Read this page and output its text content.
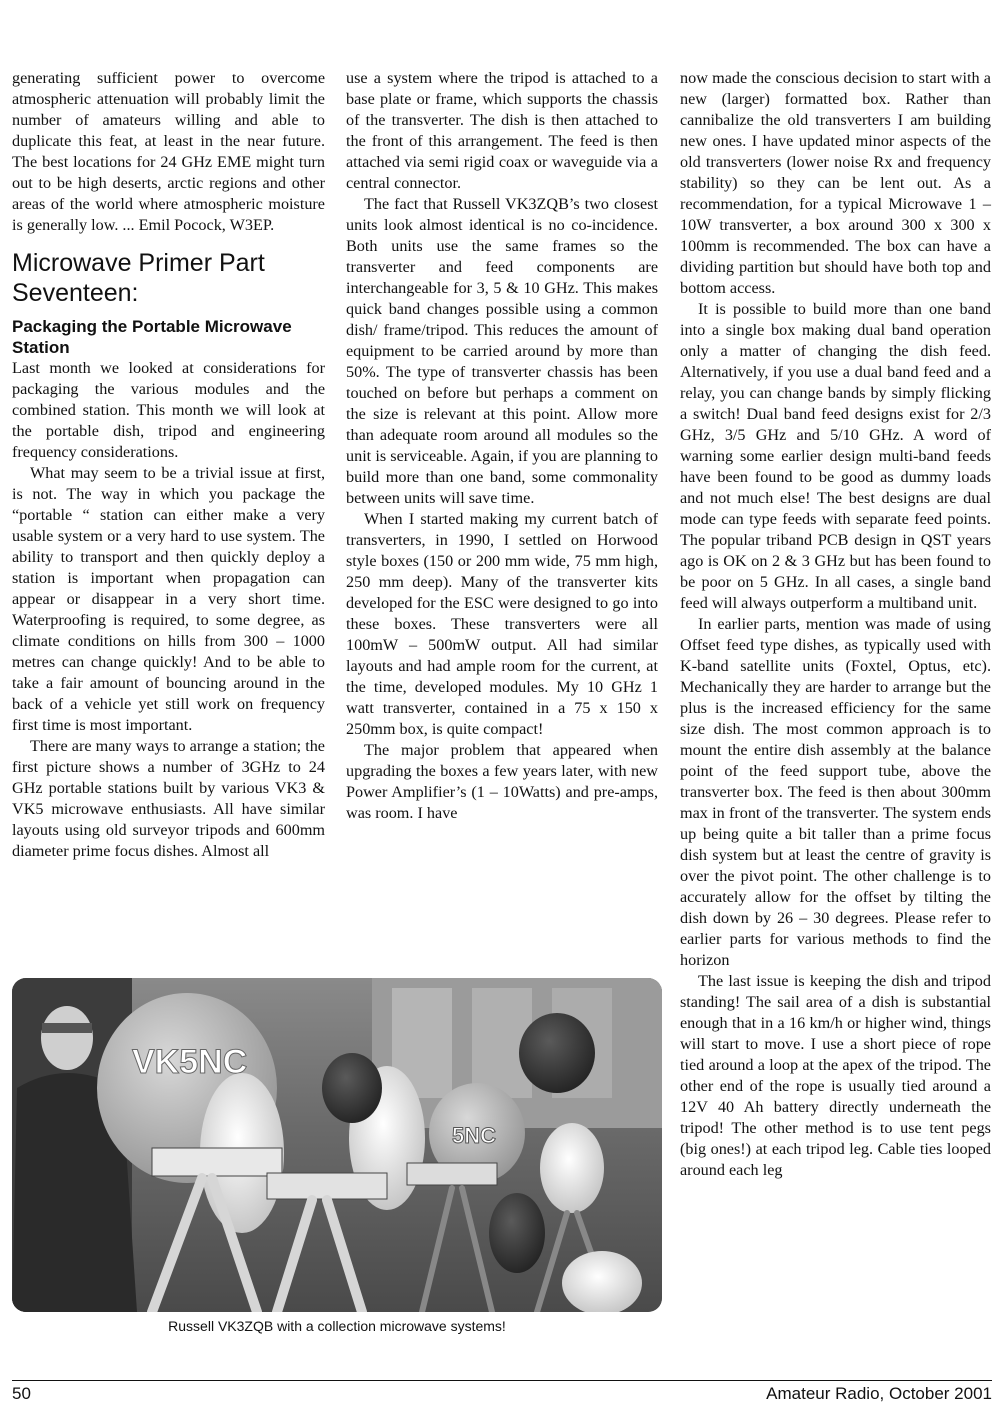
generating sufficient power to overcome atmospheric attenuation will probably limit the number of amateurs willing and able to duplicate this feat, at least in the near future. The best locations for 24 GHz EME might turn out to be high deserts, arctic regions and other areas of the world where atmospheric moisture is generally low. ... Emil Pocock, W3EP.

Microwave Primer Part Seventeen:
Packaging the Portable Microwave Station

Last month we looked at considerations for packaging the various modules and the combined station. This month we will look at the portable dish, tripod and engineering frequency considerations.

What may seem to be a trivial issue at first, is not. The way in which you package the “portable “ station can either make a very usable system or a very hard to use system. The ability to transport and then quickly deploy a station is important when propagation can appear or disappear in a very short time. Waterproofing is required, to some degree, as climate conditions on hills from 300 – 1000 metres can change quickly! And to be able to take a fair amount of bouncing around in the back of a vehicle yet still work on frequency first time is most important.

There are many ways to arrange a station; the first picture shows a number of 3GHz to 24 GHz portable stations built by various VK3 & VK5 microwave enthusiasts. All have similar layouts using old surveyor tripods and 600mm diameter prime focus dishes. Almost all

use a system where the tripod is attached to a base plate or frame, which supports the chassis of the transverter. The dish is then attached to the front of this arrangement. The feed is then attached via semi rigid coax or waveguide via a central connector.

The fact that Russell VK3ZQB’s two closest units look almost identical is no co-incidence. Both units use the same frames so the transverter and feed components are interchangeable for 3, 5 & 10 GHz. This makes quick band changes possible using a common dish/ frame/tripod. This reduces the amount of equipment to be carried around by more than 50%. The type of transverter chassis has been touched on before but perhaps a comment on the size is relevant at this point. Allow more than adequate room around all modules so the unit is serviceable. Again, if you are planning to build more than one band, some commonality between units will save time.

When I started making my current batch of transverters, in 1990, I settled on Horwood style boxes (150 or 200 mm wide, 75 mm high, 250 mm deep). Many of the transverter kits developed for the ESC were designed to go into these boxes. These transverters were all 100mW – 500mW output. All had similar layouts and had ample room for the current, at the time, developed modules. My 10 GHz 1 watt transverter, contained in a 75 x 150 x 250mm box, is quite compact!

The major problem that appeared when upgrading the boxes a few years later, with new Power Amplifier’s (1 – 10Watts) and pre-amps, was room. I have

now made the conscious decision to start with a new (larger) formatted box. Rather than cannibalize the old transverters I am building new ones. I have updated minor aspects of the old transverters (lower noise Rx and frequency stability) so they can be lent out. As a recommendation, for a typical Microwave 1 – 10W transverter, a box around 300 x 300 x 100mm is recommended. The box can have a dividing partition but should have both top and bottom access.

It is possible to build more than one band into a single box making dual band operation only a matter of changing the dish feed. Alternatively, if you use a dual band feed and a relay, you can change bands by simply flicking a switch! Dual band feed designs exist for 2/3 GHz, 3/5 GHz and 5/10 GHz. A word of warning some earlier design multi-band feeds have been found to be good as dummy loads and not much else! The best designs are dual mode can type feeds with separate feed points. The popular triband PCB design in QST years ago is OK on 2 & 3 GHz but has been found to be poor on 5 GHz. In all cases, a single band feed will always outperform a multiband unit.

In earlier parts, mention was made of using Offset feed type dishes, as typically used with K-band satellite units (Foxtel, Optus, etc). Mechanically they are harder to arrange but the plus is the increased efficiency for the same size dish. The most common approach is to mount the entire dish assembly at the balance point of the feed support tube, above the transverter box. The feed is then about 300mm max in front of the transverter. The system ends up being quite a bit taller than a prime focus dish system but at least the centre of gravity is over the pivot point. The other challenge is to accurately allow for the offset by tilting the dish down by 26 – 30 degrees. Please refer to earlier parts for various methods to find the horizon

The last issue is keeping the dish and tripod standing! The sail area of a dish is substantial enough that in a 16 km/h or higher wind, things will start to move. I use a short piece of rope tied around a loop at the apex of the tripod. The other end of the rope is usually tied around a 12V 40 Ah battery directly underneath the tripod! The other method is to use tent pegs (big ones!) at each tripod leg. Cable ties looped around each leg

VK5NC
5NC
Russell VK3ZQB with a collection microwave systems!
50	Amateur Radio, October 2001
